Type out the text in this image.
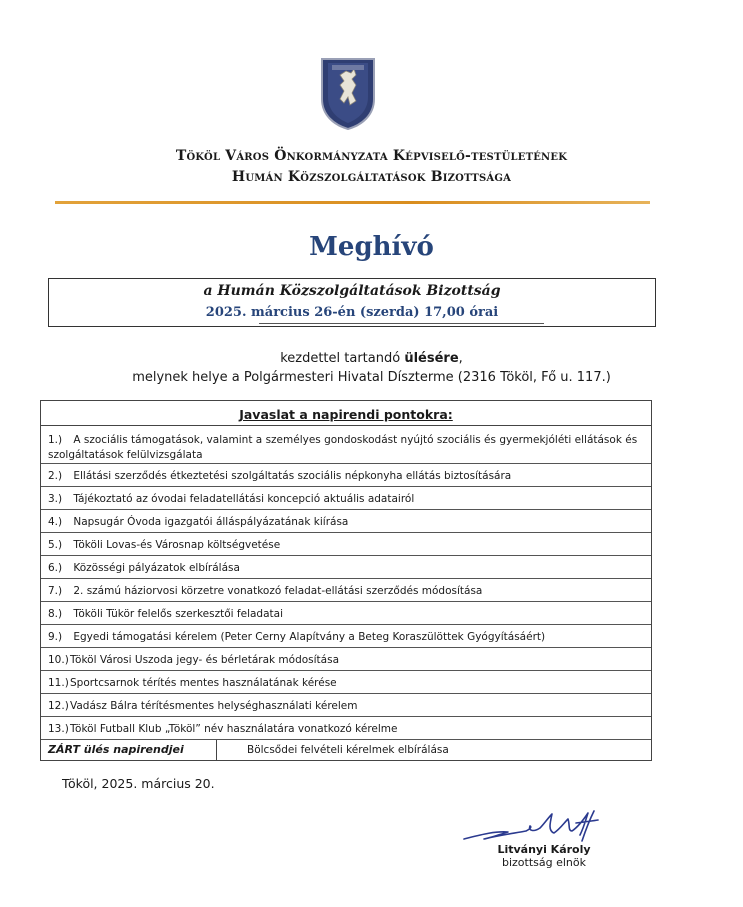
Tököl Város Önkormányzata Képviselő-testületének
Humán Közszolgáltatások Bizottsága
Meghívó
a Humán Közszolgáltatások Bizottság
2025. március 26-én (szerda) 17,00 órai
kezdettel tartandó ülésére,
melynek helye a Polgármesteri Hivatal Díszterme (2316 Tököl, Fő u. 117.)
Javaslat a napirendi pontokra:
1.) A szociális támogatások, valamint a személyes gondoskodást nyújtó szociális és gyermekjóléti ellátások és szolgáltatások felülvizsgálata
2.) Ellátási szerződés étkeztetési szolgáltatás szociális népkonyha ellátás biztosítására
3.) Tájékoztató az óvodai feladatellátási koncepció aktuális adatairól
4.) Napsugár Óvoda igazgatói álláspályázatának kiírása
5.) Tököli Lovas-és Városnap költségvetése
6.) Közösségi pályázatok elbírálása
7.) 2. számú háziorvosi körzetre vonatkozó feladat-ellátási szerződés módosítása
8.) Tököli Tükör felelős szerkesztői feladatai
9.) Egyedi támogatási kérelem (Peter Cerny Alapítvány a Beteg Koraszülöttek Gyógyításáért)
10.)Tököl Városi Uszoda jegy- és bérletárak módosítása
11.)Sportcsarnok térítés mentes használatának kérése
12.)Vadász Bálra térítésmentes helységhasználati kérelem
13.)Tököl Futball Klub „Tököl” név használatára vonatkozó kérelme
ZÁRT ülés napirendjei	Bölcsődei felvételi kérelmek elbírálása
Tököl, 2025. március 20.
Litványi Károly
bizottság elnök
